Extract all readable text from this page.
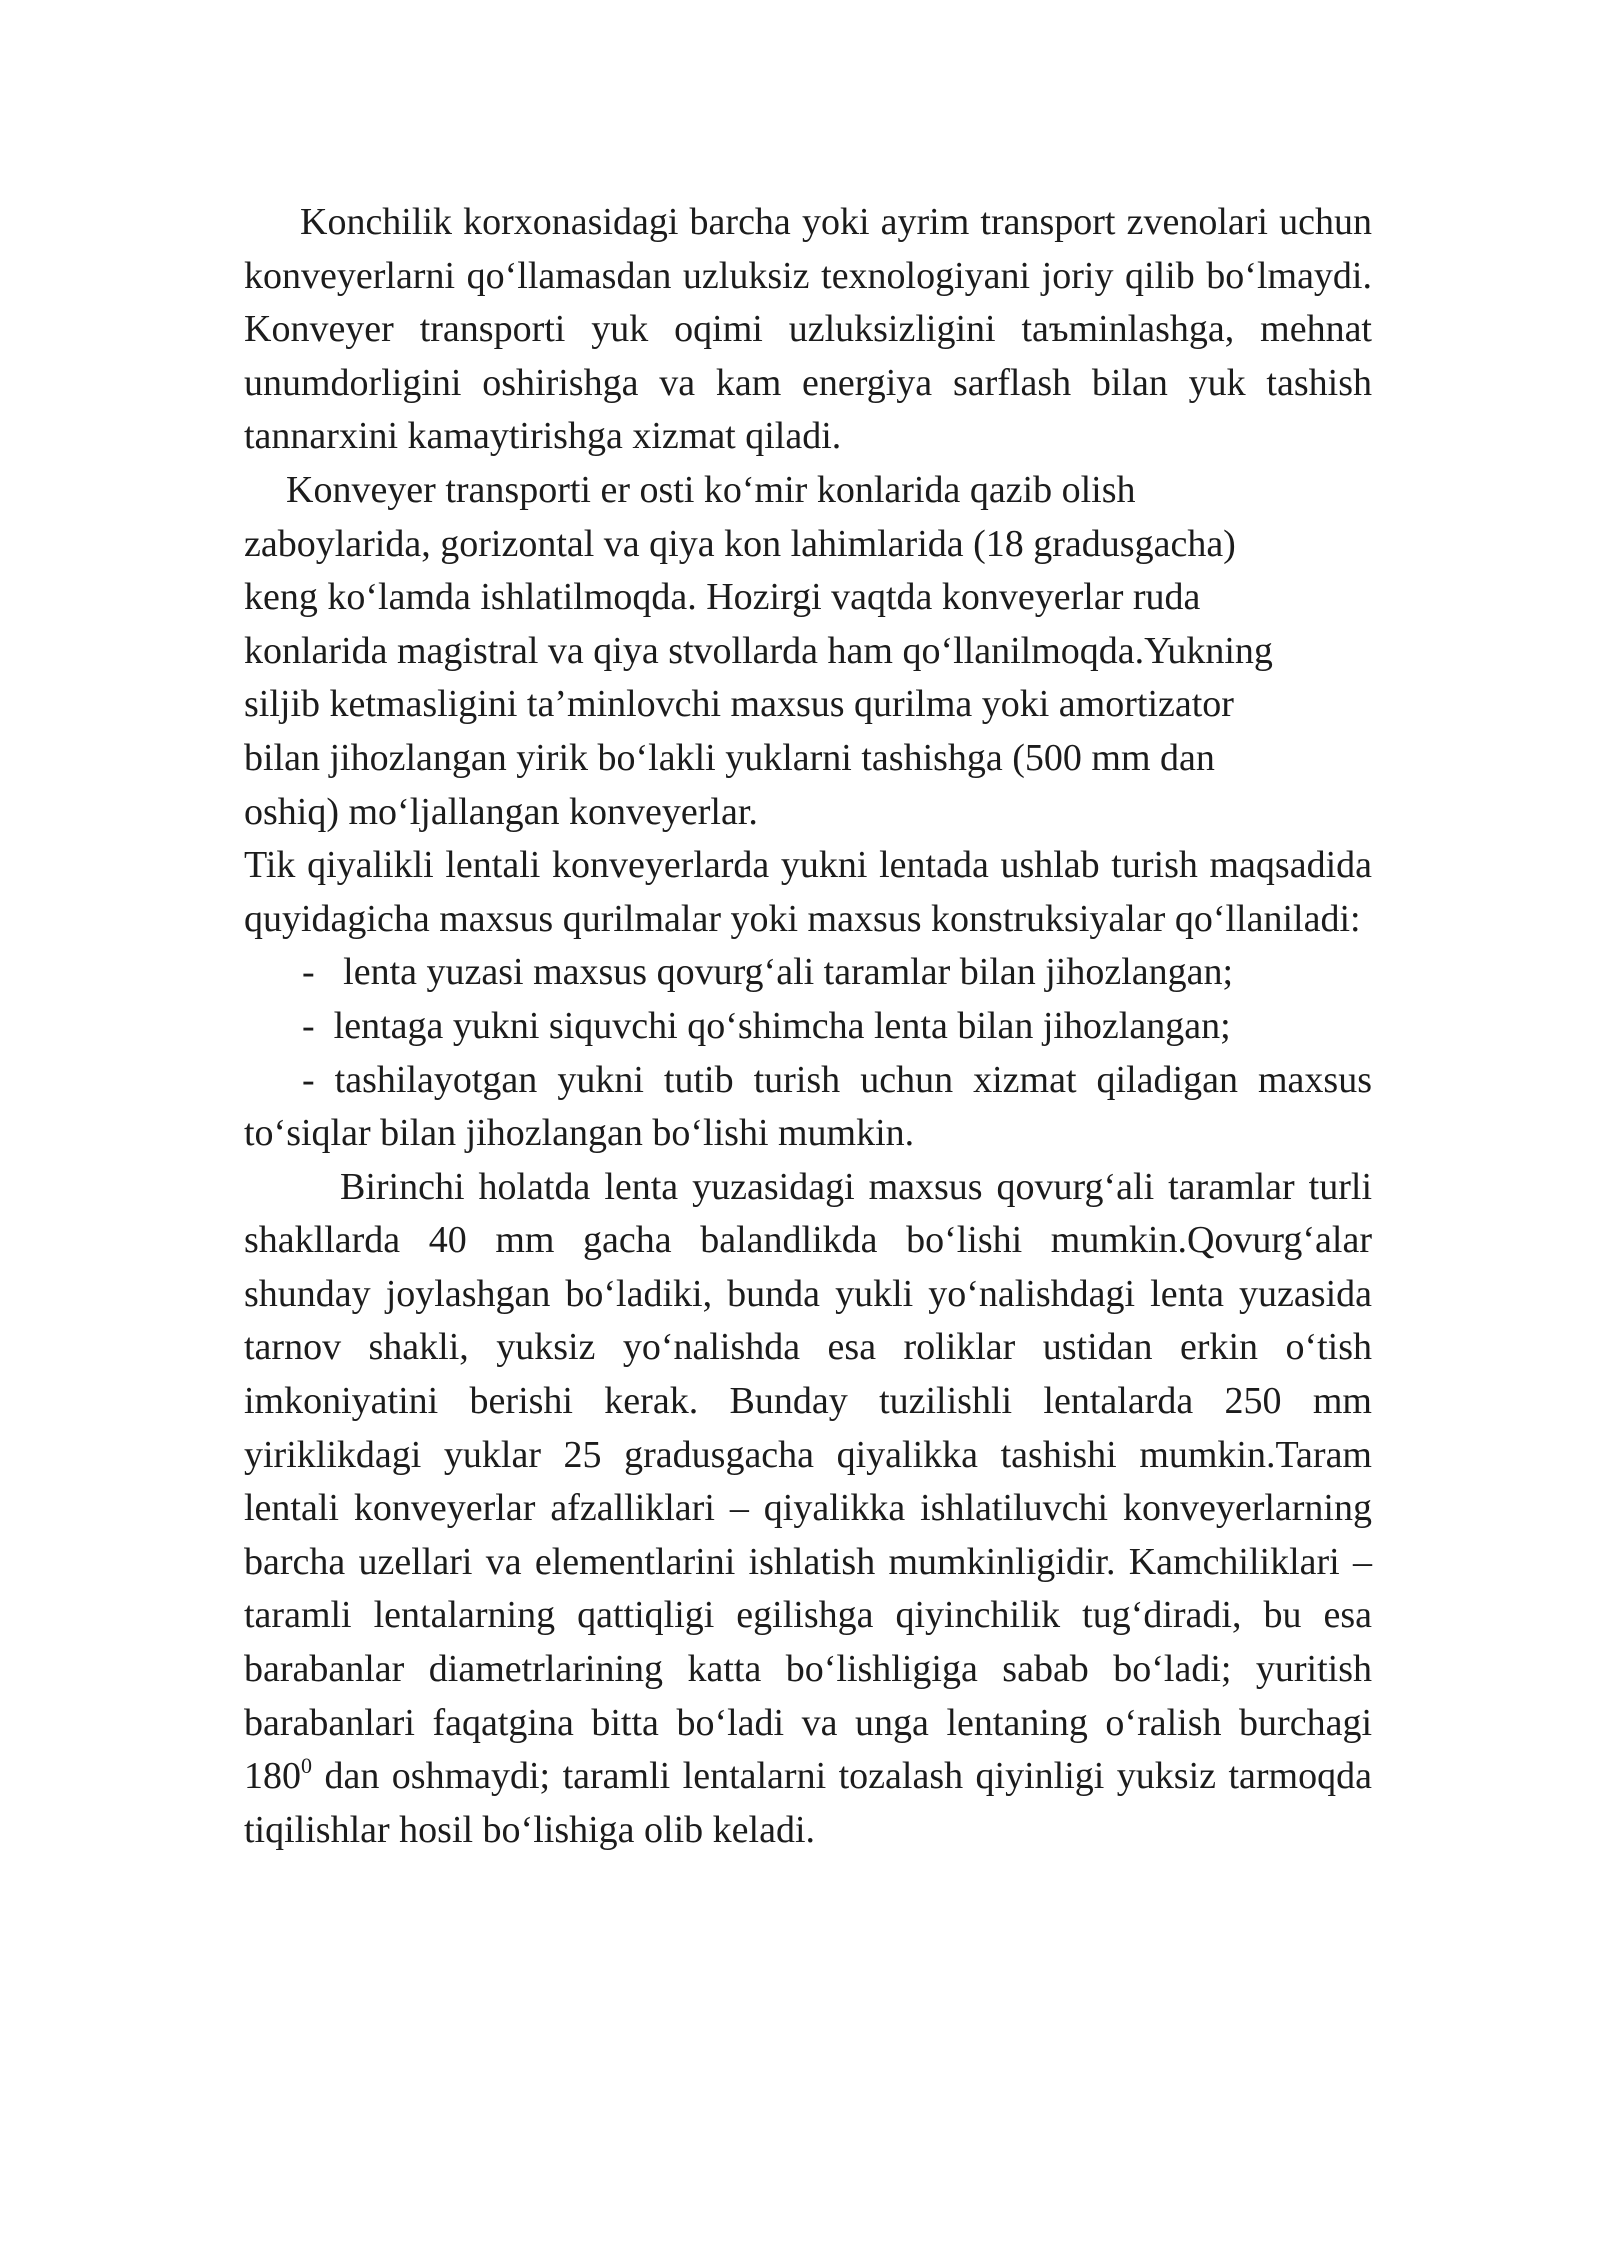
Konchilik korxonasidagi barcha yoki ayrim transport zvenolari uchun konveyerlarni qo‘llamasdan uzluksiz texnologiyani joriy qilib bo‘lmaydi. Konveyer transporti yuk oqimi uzluksizligini taъminlashga, mehnat unumdorligini oshirishga va kam energiya sarflash bilan yuk tashish tannarxini kamaytirishga xizmat qiladi.

Konveyer transporti er osti ko‘mir konlarida qazib olish
zaboylarida, gorizontal va qiya kon lahimlarida (18 gradusgacha)
keng ko‘lamda ishlatilmoqda. Hozirgi vaqtda konveyerlar ruda
konlarida magistral va qiya stvollarda ham qo‘llanilmoqda.Yukning
siljib ketmasligini ta’minlovchi maxsus qurilma yoki amortizator
bilan jihozlangan yirik bo‘lakli yuklarni tashishga (500 mm dan
oshiq) mo‘ljallangan konveyerlar.

Tik qiyalikli lentali konveyerlarda yukni lentada ushlab turish maqsadida quyidagicha maxsus qurilmalar yoki maxsus konstruksiyalar qo‘llaniladi:

-   lenta yuzasi maxsus qovurg‘ali taramlar bilan jihozlangan;

-  lentaga yukni siquvchi qo‘shimcha lenta bilan jihozlangan;

- tashilayotgan yukni tutib turish uchun xizmat qiladigan maxsus to‘siqlar bilan jihozlangan bo‘lishi mumkin.

Birinchi holatda lenta yuzasidagi maxsus qovurg‘ali taramlar turli shakllarda 40 mm gacha balandlikda bo‘lishi mumkin.Qovurg‘alar shunday joylashgan bo‘ladiki, bunda yukli yo‘nalishdagi lenta yuzasida tarnov shakli, yuksiz yo‘nalishda esa roliklar ustidan erkin o‘tish imkoniyatini berishi kerak. Bunday tuzilishli lentalarda 250 mm yiriklikdagi yuklar 25 gradusgacha qiyalikka tashishi mumkin.Taram lentali konveyerlar afzalliklari – qiyalikka ishlatiluvchi konveyerlarning barcha uzellari va elementlarini ishlatish mumkinligidir. Kamchiliklari – taramli lentalarning qattiqligi egilishga qiyinchilik tug‘diradi, bu esa barabanlar diametrlarining katta bo‘lishligiga sabab bo‘ladi; yuritish barabanlari faqatgina bitta bo‘ladi va unga lentaning o‘ralish burchagi $180^0$ dan oshmaydi; taramli lentalarni tozalash qiyinligi yuksiz tarmoqda tiqilishlar hosil bo‘lishiga olib keladi.
